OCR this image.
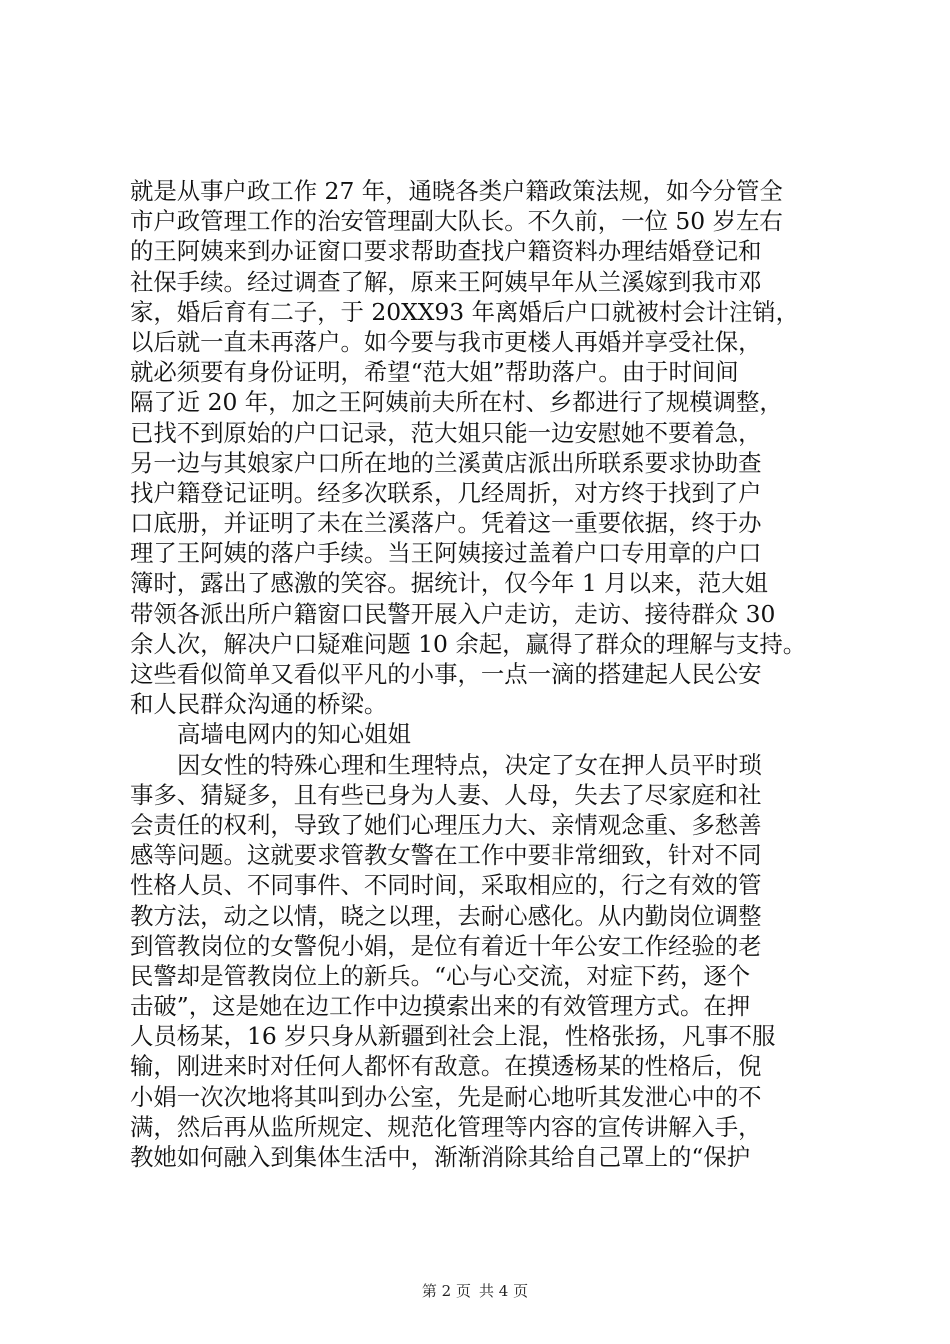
就是从事户政工作 27 年，通晓各类户籍政策法规，如今分管全
市户政管理工作的治安管理副大队长。不久前，一位 50 岁左右
的王阿姨来到办证窗口要求帮助查找户籍资料办理结婚登记和
社保手续。经过调查了解，原来王阿姨早年从兰溪嫁到我市邓
家，婚后育有二子，于 20XX93 年离婚后户口就被村会计注销，
以后就一直未再落户。如今要与我市更楼人再婚并享受社保，
就必须要有身份证明，希望“范大姐”帮助落户。由于时间间
隔了近 20 年，加之王阿姨前夫所在村、乡都进行了规模调整，
已找不到原始的户口记录，范大姐只能一边安慰她不要着急，
另一边与其娘家户口所在地的兰溪黄店派出所联系要求协助查
找户籍登记证明。经多次联系，几经周折，对方终于找到了户
口底册，并证明了未在兰溪落户。凭着这一重要依据，终于办
理了王阿姨的落户手续。当王阿姨接过盖着户口专用章的户口
簿时，露出了感激的笑容。据统计，仅今年 1 月以来，范大姐
带领各派出所户籍窗口民警开展入户走访，走访、接待群众 30
余人次，解决户口疑难问题 10 余起，赢得了群众的理解与支持。
这些看似简单又看似平凡的小事，一点一滴的搭建起人民公安
和人民群众沟通的桥梁。
高墙电网内的知心姐姐
因女性的特殊心理和生理特点，决定了女在押人员平时琐
事多、猜疑多，且有些已身为人妻、人母，失去了尽家庭和社
会责任的权利，导致了她们心理压力大、亲情观念重、多愁善
感等问题。这就要求管教女警在工作中要非常细致，针对不同
性格人员、不同事件、不同时间，采取相应的，行之有效的管
教方法，动之以情，晓之以理，去耐心感化。从内勤岗位调整
到管教岗位的女警倪小娟，是位有着近十年公安工作经验的老
民警却是管教岗位上的新兵。“心与心交流，对症下药，逐个
击破”，这是她在边工作中边摸索出来的有效管理方式。在押
人员杨某，16 岁只身从新疆到社会上混，性格张扬，凡事不服
输，刚进来时对任何人都怀有敌意。在摸透杨某的性格后，倪
小娟一次次地将其叫到办公室，先是耐心地听其发泄心中的不
满，然后再从监所规定、规范化管理等内容的宣传讲解入手，
教她如何融入到集体生活中，渐渐消除其给自己罩上的“保护
第 2 页 共 4 页
